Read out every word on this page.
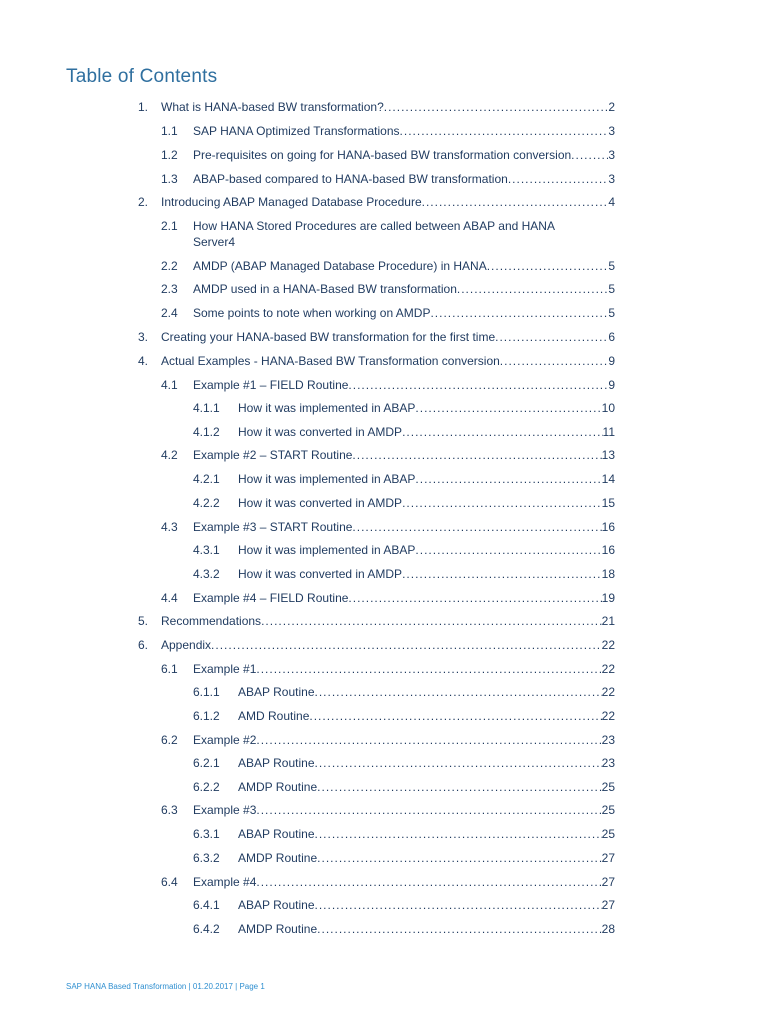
Table of Contents
1.	What is HANA-based BW transformation? .....	2
1.1	SAP HANA Optimized Transformations .....	3
1.2	Pre-requisites on going for HANA-based BW transformation conversion .....	3
1.3	ABAP-based compared to HANA-based BW transformation .....	3
2.	Introducing ABAP Managed Database Procedure .....	4
2.1	How HANA Stored Procedures are called between ABAP and HANA
Server 4
2.2	AMDP (ABAP Managed Database Procedure) in HANA .....	5
2.3	AMDP used in a HANA-Based BW transformation .....	5
2.4	Some points to note when working on AMDP .....	5
3.	Creating your HANA-based BW transformation for the first time .....	6
4.	Actual Examples - HANA-Based BW Transformation conversion .....	9
4.1	Example #1 – FIELD Routine .....	9
4.1.1	How it was implemented in ABAP .....	10
4.1.2	How it was converted in AMDP .....	11
4.2	Example #2 – START Routine .....	13
4.2.1	How it was implemented in ABAP .....	14
4.2.2	How it was converted in AMDP .....	15
4.3	Example #3 – START Routine .....	16
4.3.1	How it was implemented in ABAP .....	16
4.3.2	How it was converted in AMDP .....	18
4.4	Example #4 – FIELD Routine .....	19
5.	Recommendations .....	21
6.	Appendix .....	22
6.1	Example #1 .....	22
6.1.1	ABAP Routine .....	22
6.1.2	AMD Routine .....	22
6.2	Example #2 .....	23
6.2.1	ABAP Routine .....	23
6.2.2	AMDP Routine .....	25
6.3	Example #3 .....	25
6.3.1	ABAP Routine .....	25
6.3.2	AMDP Routine .....	27
6.4	Example #4 .....	27
6.4.1	ABAP Routine .....	27
6.4.2	AMDP Routine .....	28
SAP HANA Based Transformation | 01.20.2017 | Page 1
